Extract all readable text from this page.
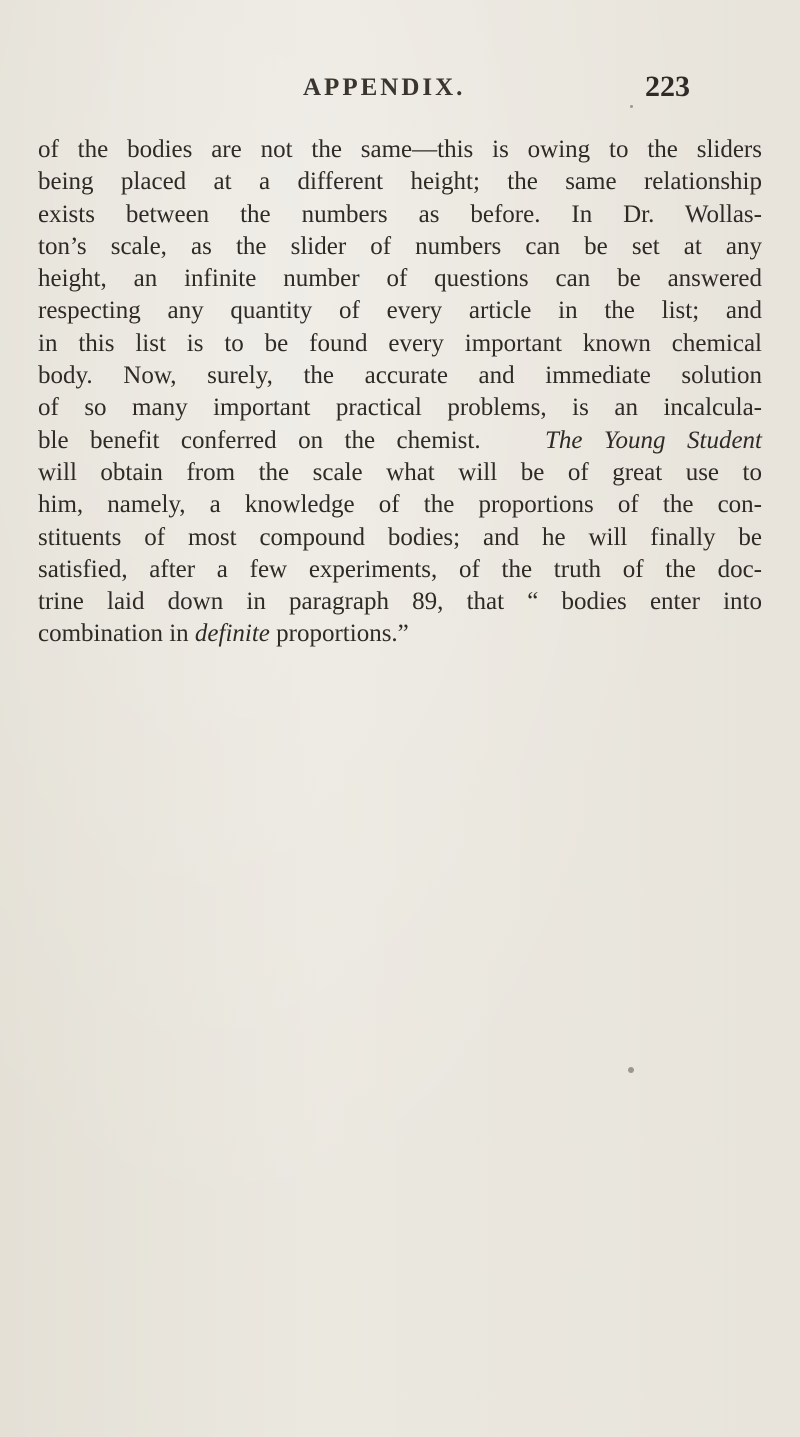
APPENDIX.	223
of the bodies are not the same—this is owing to the sliders
being placed at a different height; the same relationship
exists between the numbers as before. In Dr. Wollas-
ton’s scale, as the slider of numbers can be set at any
height, an infinite number of questions can be answered
respecting any quantity of every article in the list; and
in this list is to be found every important known chemical
body. Now, surely, the accurate and immediate solution
of so many important practical problems, is an incalcula-
ble benefit conferred on the chemist.	The Young Student
will obtain from the scale what will be of great use to
him, namely, a knowledge of the proportions of the con-
stituents of most compound bodies; and he will finally be
satisfied, after a few experiments, of the truth of the doc-
trine laid down in paragraph 89, that “ bodies enter into
combination in definite proportions.”
